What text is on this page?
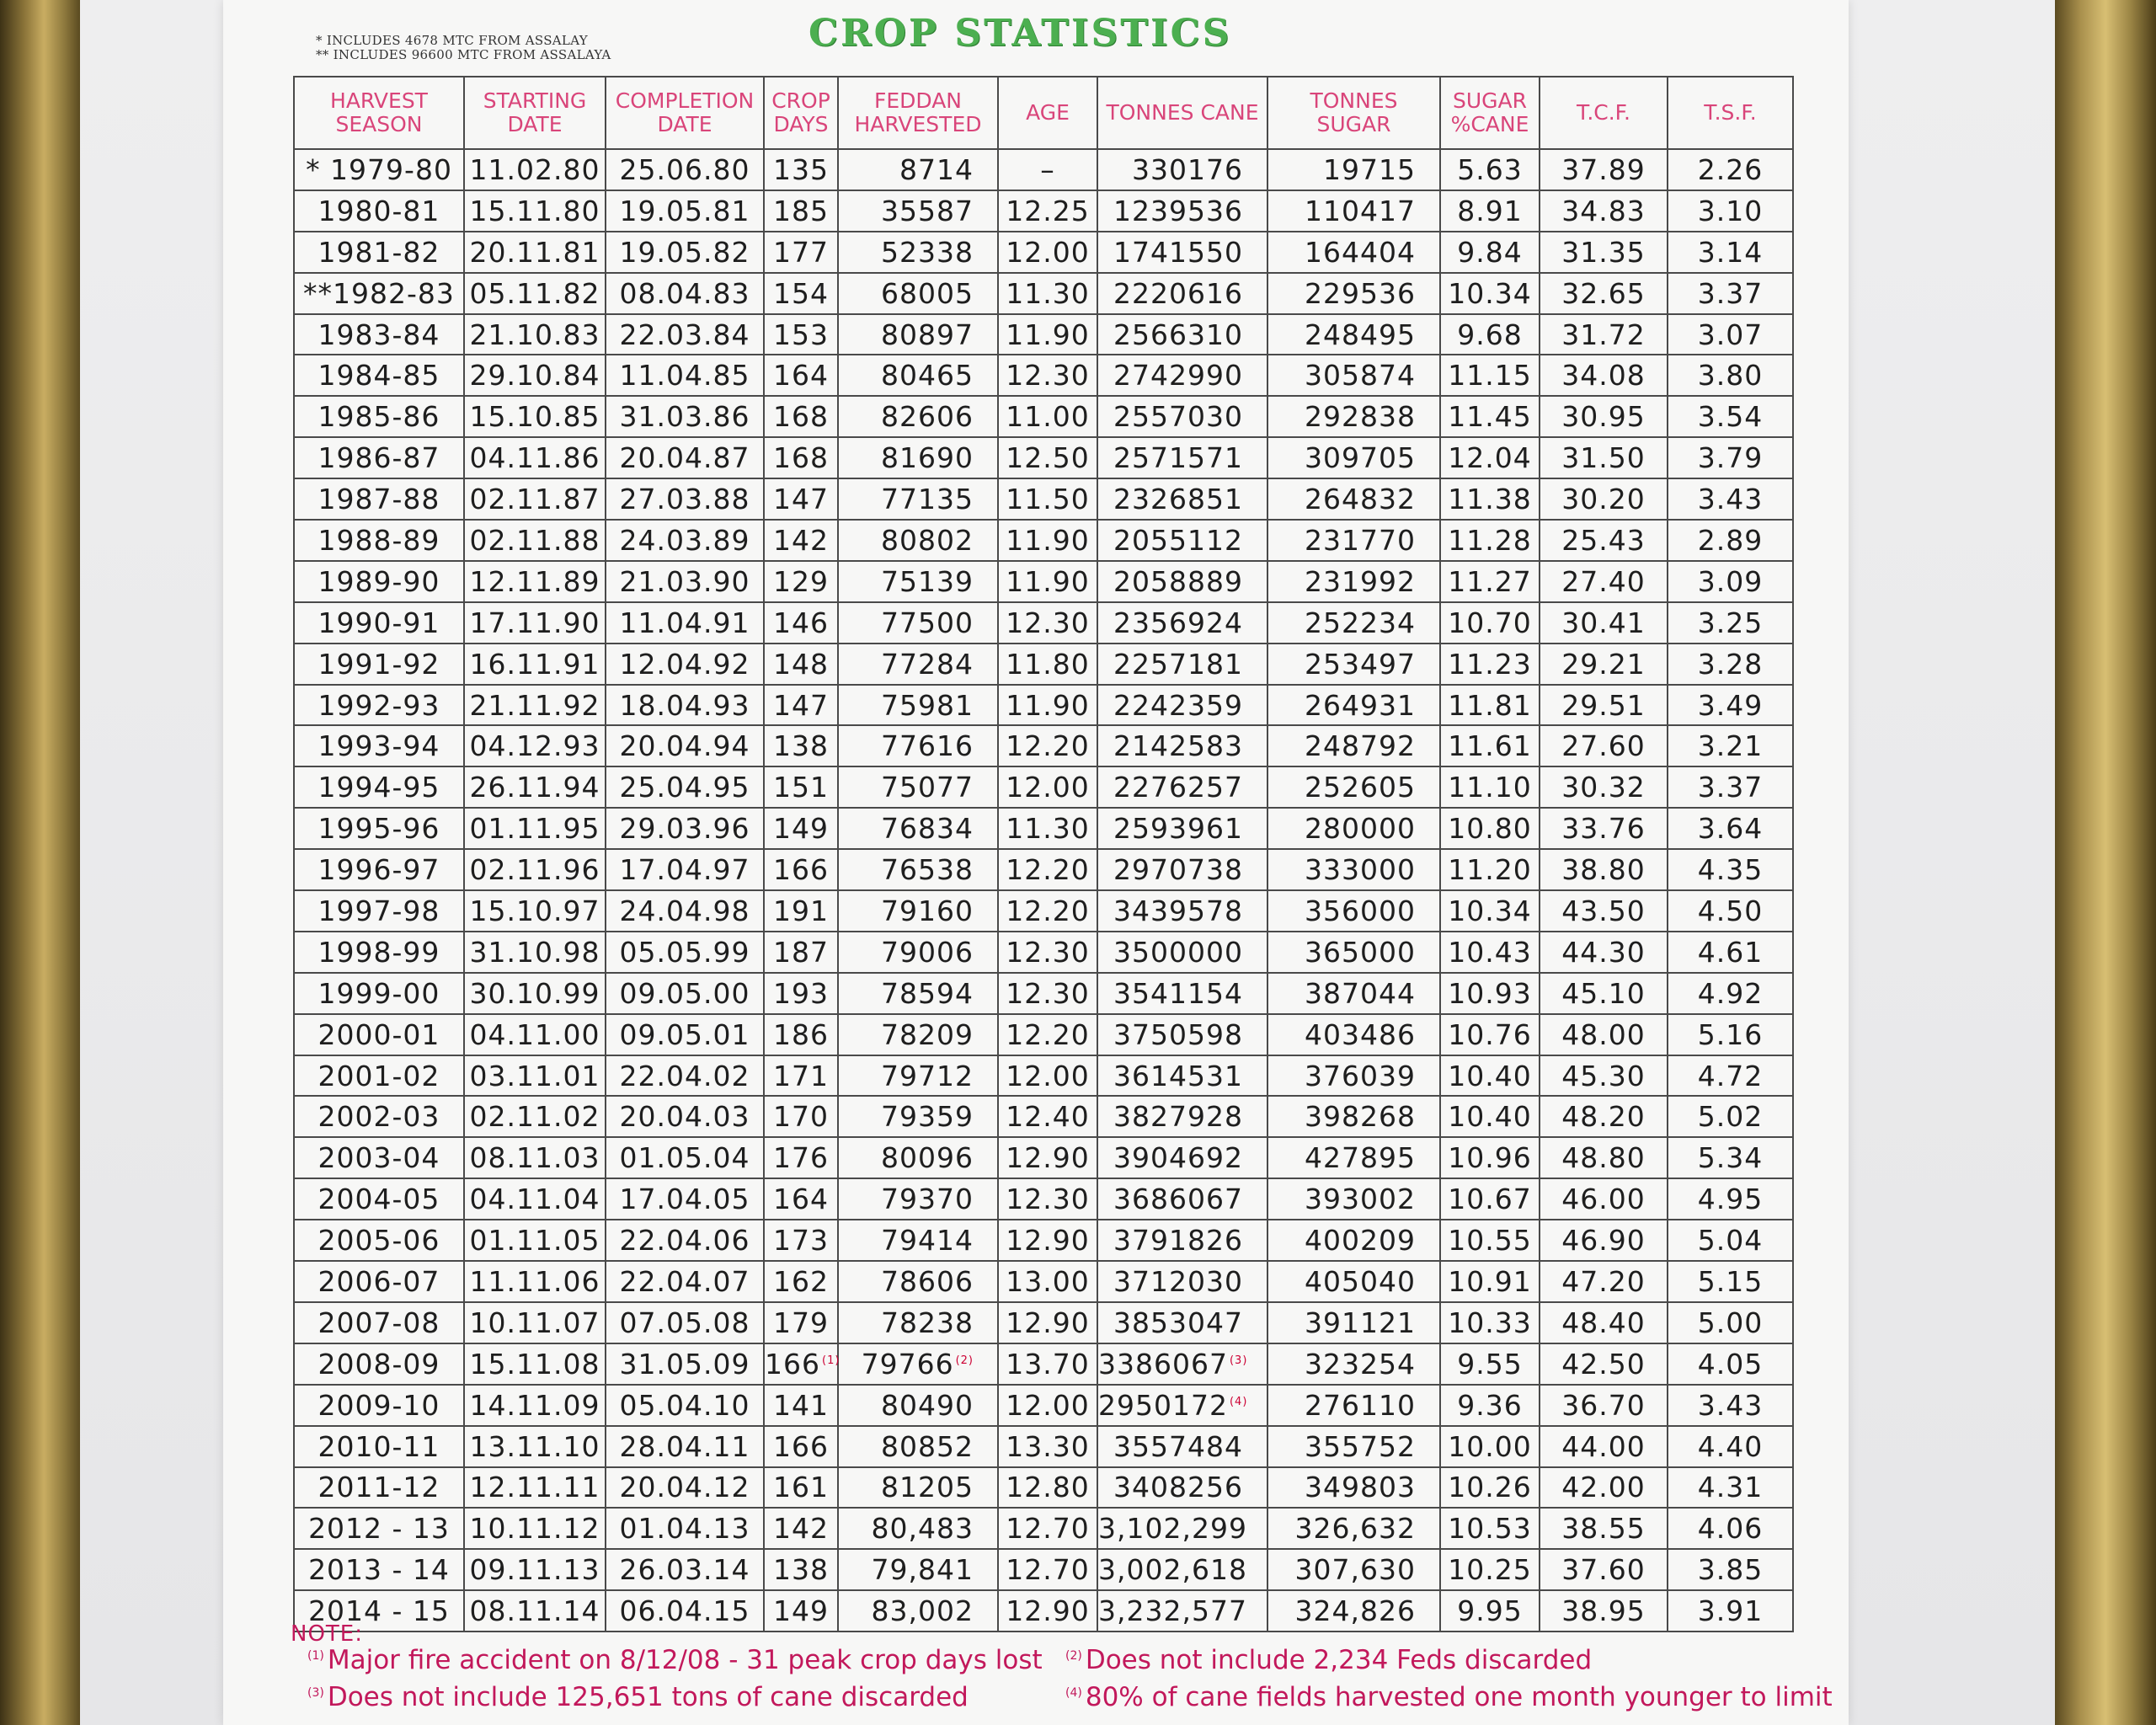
* INCLUDES 4678 MTC FROM ASSALAY
** INCLUDES 96600 MTC FROM ASSALAYA	CROP STATISTICS
HARVEST SEASON	STARTING DATE	COMPLETION DATE	CROP DAYS	FEDDAN HARVESTED	AGE	TONNES CANE	TONNES SUGAR	SUGAR %CANE	T.C.F.	T.S.F.
* 1979-80	11.02.80	25.06.80	135	8714	–	330176	19715	5.63	37.89	2.26
1980-81	15.11.80	19.05.81	185	35587	12.25	1239536	110417	8.91	34.83	3.10
1981-82	20.11.81	19.05.82	177	52338	12.00	1741550	164404	9.84	31.35	3.14
**1982-83	05.11.82	08.04.83	154	68005	11.30	2220616	229536	10.34	32.65	3.37
1983-84	21.10.83	22.03.84	153	80897	11.90	2566310	248495	9.68	31.72	3.07
1984-85	29.10.84	11.04.85	164	80465	12.30	2742990	305874	11.15	34.08	3.80
1985-86	15.10.85	31.03.86	168	82606	11.00	2557030	292838	11.45	30.95	3.54
1986-87	04.11.86	20.04.87	168	81690	12.50	2571571	309705	12.04	31.50	3.79
1987-88	02.11.87	27.03.88	147	77135	11.50	2326851	264832	11.38	30.20	3.43
1988-89	02.11.88	24.03.89	142	80802	11.90	2055112	231770	11.28	25.43	2.89
1989-90	12.11.89	21.03.90	129	75139	11.90	2058889	231992	11.27	27.40	3.09
1990-91	17.11.90	11.04.91	146	77500	12.30	2356924	252234	10.70	30.41	3.25
1991-92	16.11.91	12.04.92	148	77284	11.80	2257181	253497	11.23	29.21	3.28
1992-93	21.11.92	18.04.93	147	75981	11.90	2242359	264931	11.81	29.51	3.49
1993-94	04.12.93	20.04.94	138	77616	12.20	2142583	248792	11.61	27.60	3.21
1994-95	26.11.94	25.04.95	151	75077	12.00	2276257	252605	11.10	30.32	3.37
1995-96	01.11.95	29.03.96	149	76834	11.30	2593961	280000	10.80	33.76	3.64
1996-97	02.11.96	17.04.97	166	76538	12.20	2970738	333000	11.20	38.80	4.35
1997-98	15.10.97	24.04.98	191	79160	12.20	3439578	356000	10.34	43.50	4.50
1998-99	31.10.98	05.05.99	187	79006	12.30	3500000	365000	10.43	44.30	4.61
1999-00	30.10.99	09.05.00	193	78594	12.30	3541154	387044	10.93	45.10	4.92
2000-01	04.11.00	09.05.01	186	78209	12.20	3750598	403486	10.76	48.00	5.16
2001-02	03.11.01	22.04.02	171	79712	12.00	3614531	376039	10.40	45.30	4.72
2002-03	02.11.02	20.04.03	170	79359	12.40	3827928	398268	10.40	48.20	5.02
2003-04	08.11.03	01.05.04	176	80096	12.90	3904692	427895	10.96	48.80	5.34
2004-05	04.11.04	17.04.05	164	79370	12.30	3686067	393002	10.67	46.00	4.95
2005-06	01.11.05	22.04.06	173	79414	12.90	3791826	400209	10.55	46.90	5.04
2006-07	11.11.06	22.04.07	162	78606	13.00	3712030	405040	10.91	47.20	5.15
2007-08	10.11.07	07.05.08	179	78238	12.90	3853047	391121	10.33	48.40	5.00
2008-09	15.11.08	31.05.09	166 $^{(1)}$	79766 $^{(2)}$	13.70	3386067 $^{(3)}$	323254	9.55	42.50	4.05
2009-10	14.11.09	05.04.10	141	80490	12.00	2950172 $^{(4)}$	276110	9.36	36.70	3.43
2010-11	13.11.10	28.04.11	166	80852	13.30	3557484	355752	10.00	44.00	4.40
2011-12	12.11.11	20.04.12	161	81205	12.80	3408256	349803	10.26	42.00	4.31
2012 - 13	10.11.12	01.04.13	142	80,483	12.70	3,102,299	326,632	10.53	38.55	4.06
2013 - 14	09.11.13	26.03.14	138	79,841	12.70	3,002,618	307,630	10.25	37.60	3.85
2014 - 15	08.11.14	06.04.15	149	83,002	12.90	3,232,577	324,826	9.95	38.95	3.91
NOTE:
$^{(1)}$ Major fire accident on 8/12/08 - 31 peak crop days lost $^{(2)}$ Does not include 2,234 Feds discarded
$^{(3)}$ Does not include 125,651 tons of cane discarded	$^{(4)}$ 80% of cane fields harvested one month younger to limit
